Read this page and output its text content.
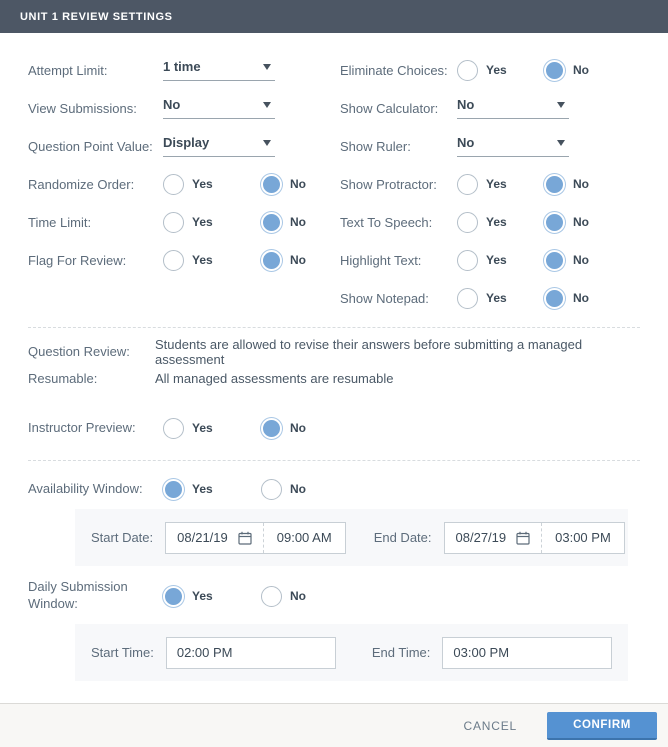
UNIT 1 REVIEW SETTINGS
Attempt Limit:	1 time
View Submissions:	No
Question Point Value: Display
Randomize Order:	Yes	No
Time Limit:	Yes	No
Flag For Review:	Yes	No
Eliminate Choices:	Yes	No
Show Calculator:	No
Show Ruler:	No
Show Protractor:	Yes	No
Text To Speech:	Yes	No
Highlight Text:	Yes	No
Show Notepad:	Yes	No
Question Review:	Students are allowed to revise their answers before submitting a managed assessment
Resumable:	All managed assessments are resumable
Instructor Preview:	Yes	No
Availability Window:	Yes	No
Start Date: 08/21/19	09:00 AM	End Date: 08/27/19	03:00 PM
Daily Submission Window:	Yes	No
Start Time:
02:00 PM	End Time:
03:00 PM
CANCEL	CONFIRM
